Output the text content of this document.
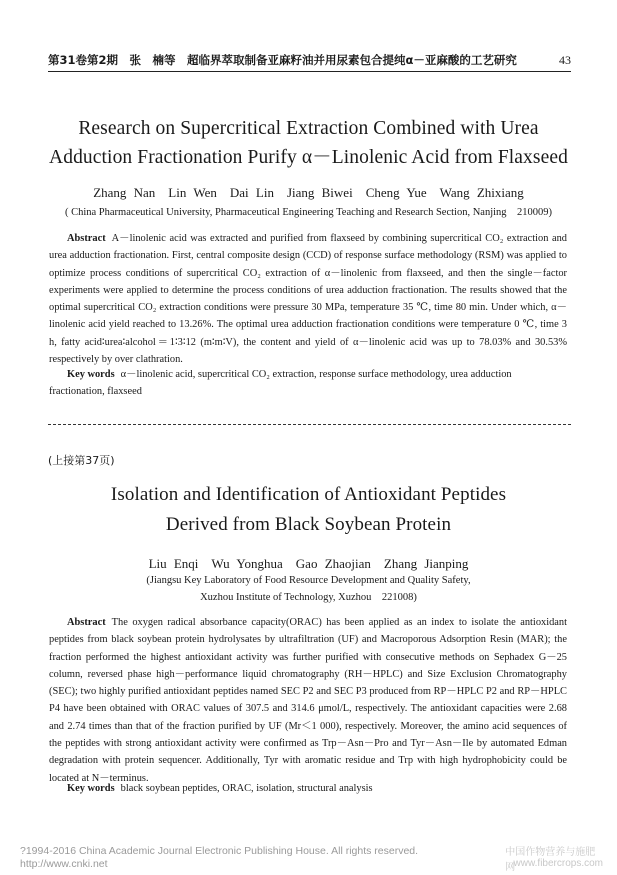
第31卷第2期　张　楠等　超临界萃取制备亚麻籽油并用尿素包合提纯α－亚麻酸的工艺研究	43
Research on Supercritical Extraction Combined with Urea
Adduction Fractionation Purify α－Linolenic Acid from Flaxseed
Zhang Nan　Lin Wen　Dai Lin　Jiang Biwei　Cheng Yue　Wang Zhixiang
( China Pharmaceutical University, Pharmaceutical Engineering Teaching and Research Section, Nanjing　210009)

Abstract A－linolenic acid was extracted and purified from flaxseed by combining supercritical CO₂ extraction and urea adduction fractionation. First, central composite design (CCD) of response surface methodology (RSM) was applied to optimize process conditions of supercritical CO₂ extraction of α－linolenic from flaxseed, and then the single－factor experiments were applied to determine the process conditions of urea adduction fractionation. The results showed that the optimal supercritical CO₂ extraction conditions were pressure 30 MPa, temperature 35 ℃, time 80 min. Under which, α－linolenic acid yield reached to 13.26%. The optimal urea adduction fractionation conditions were temperature 0 ℃, time 3 h, fatty acid∶urea∶alcohol＝1∶3∶12 (m∶m∶V), the content and yield of α－linolenic acid was up to 78.03% and 30.53% respectively by over clathration.

Key words α－linolenic acid, supercritical CO₂ extraction, response surface methodology, urea adduction fractionation, flaxseed

(上接第37页)
Isolation and Identification of Antioxidant Peptides
Derived from Black Soybean Protein
Liu Enqi　Wu Yonghua　Gao Zhaojian　Zhang Jianping
(Jiangsu Key Laboratory of Food Resource Development and Quality Safety,
Xuzhou Institute of Technology, Xuzhou　221008)

Abstract The oxygen radical absorbance capacity(ORAC) has been applied as an index to isolate the antioxidant peptides from black soybean protein hydrolysates by ultrafiltration (UF) and Macroporous Adsorption Resin (MAR); the fraction performed the highest antioxidant activity was further purified with consecutive methods on Sephadex G－25 column, reversed phase high－performance liquid chromatography (RH－HPLC) and Size Exclusion Chromatography (SEC); two highly purified antioxidant peptides named SEC P2 and SEC P3 produced from RP－HPLC P2 and RP－HPLC P4 have been obtained with ORAC values of 307.5 and 314.6 μmol/L, respectively. The antioxidant capacities were 2.68 and 2.74 times than that of the fraction purified by UF (Mr＜1 000), respectively. Moreover, the amino acid sequences of the peptides with strong antioxidant activity were confirmed as Trp－Asn－Pro and Tyr－Asn－Ile by automated Edman degradation with protein sequencer. Additionally, Tyr with aromatic residue and Trp with high hydrophobicity could be located at N－terminus.

Key words black soybean peptides, ORAC, isolation, structural analysis

?1994-2016 China Academic Journal Electronic Publishing House. All rights reserved.　http://www.cnki.net
中国作物营养与施肥网
www.fibercrops.com
